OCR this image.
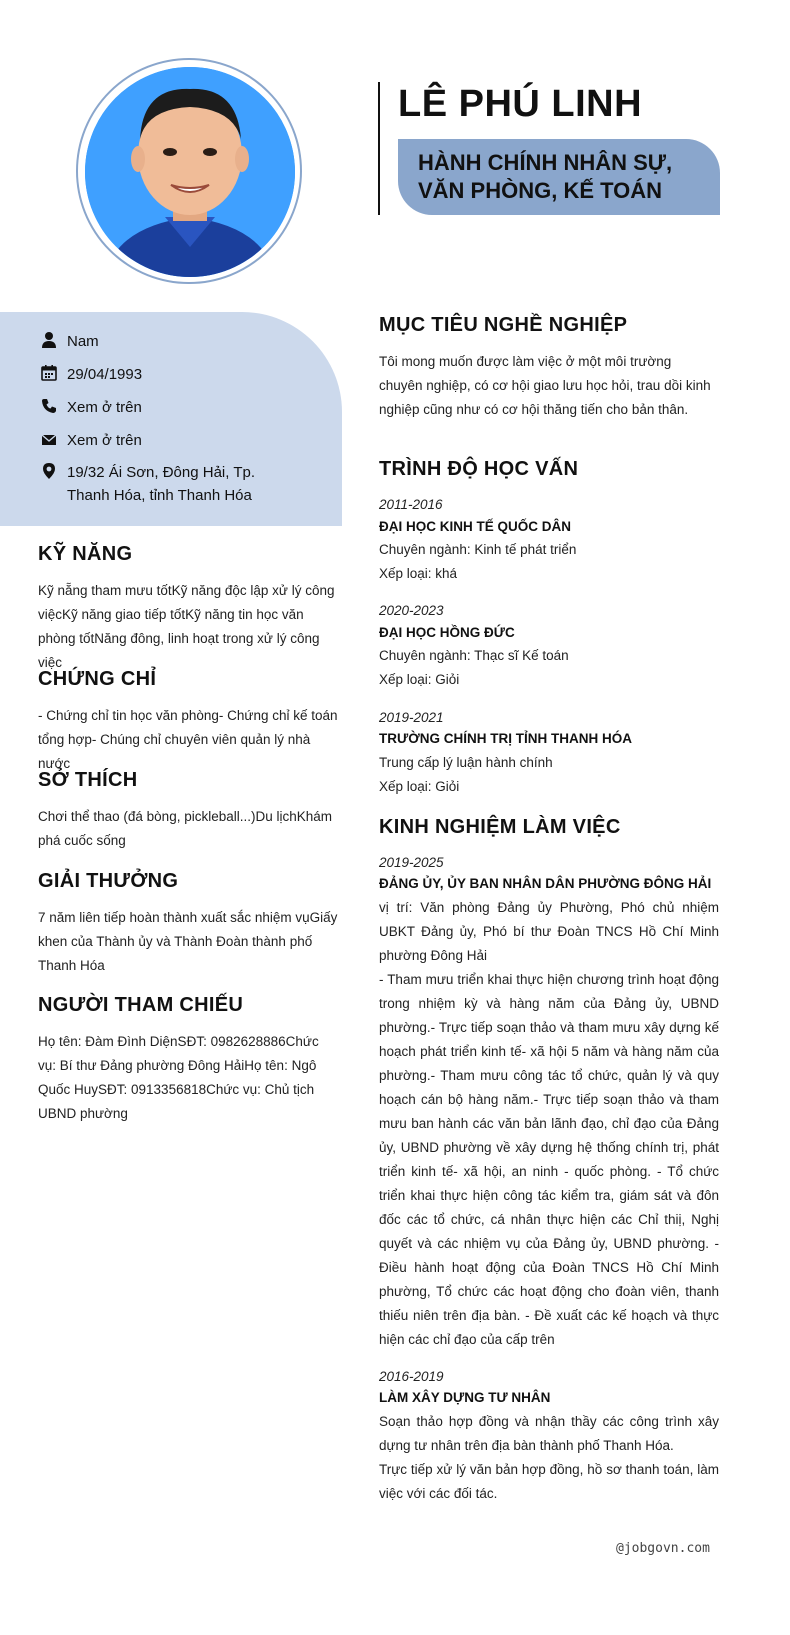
LÊ PHÚ LINH
HÀNH CHÍNH NHÂN SỰ,
VĂN PHÒNG, KẾ TOÁN
Nam
29/04/1993
Xem ở trên
Xem ở trên
19/32 Ái Sơn, Đông Hải, Tp.
Thanh Hóa, tỉnh Thanh Hóa
KỸ NĂNG
Kỹ nẵng tham mưu tốtKỹ năng độc lập xử lý công việcKỹ năng giao tiếp tốtKỹ năng tin học văn phòng tốtNăng đông, linh hoạt trong xử lý công việc
CHỨNG CHỈ
- Chứng chỉ tin học văn phòng- Chứng chỉ kế toán tổng hợp- Chúng chỉ chuyên viên quản lý nhà nước
SỞ THÍCH
Chơi thể thao (đá bòng, pickleball...)Du lịchKhám phá cuốc sống
GIẢI THƯỞNG
7 năm liên tiếp hoàn thành xuất sắc nhiệm vụGiấy khen của Thành ủy và Thành Đoàn thành phố Thanh Hóa
NGƯỜI THAM CHIẾU
Họ tên: Đàm Đình DiệnSĐT: 0982628886Chức vụ: Bí thư Đảng phường Đông HảiHọ tên: Ngô Quốc HuySĐT: 0913356818Chức vụ: Chủ tịch UBND phường
MỤC TIÊU NGHỀ NGHIỆP
Tôi mong muốn được làm việc ở một môi trường chuyên nghiệp, có cơ hội giao lưu học hỏi, trau dồi kinh nghiệp cũng như có cơ hội thăng tiến cho bản thân.
TRÌNH ĐỘ HỌC VẤN
2011-2016
ĐẠI HỌC KINH TẾ QUỐC DÂN
Chuyên ngành: Kinh tế phát triển
Xếp loại: khá
2020-2023
ĐẠI HỌC HỒNG ĐỨC
Chuyên ngành: Thạc sĩ Kế toán
Xếp loại: Giỏi
2019-2021
TRƯỜNG CHÍNH TRỊ TỈNH THANH HÓA
Trung cấp lý luận hành chính
Xếp loại: Giỏi
KINH NGHIỆM LÀM VIỆC
2019-2025
ĐẢNG ỦY, ỦY BAN NHÂN DÂN PHƯỜNG ĐÔNG HẢI
vị trí: Văn phòng Đảng ủy Phường, Phó chủ nhiệm UBKT Đảng ủy, Phó bí thư Đoàn TNCS Hồ Chí Minh phường Đông Hải
- Tham mưu triển khai thực hiện chương trình hoạt động trong nhiệm kỳ và hàng năm của Đảng ủy, UBND phường.- Trực tiếp soạn thảo và tham mưu xây dựng kế hoạch phát triển kinh tế- xã hội 5 năm và hàng năm của phường.- Tham mưu công tác tổ chức, quản lý và quy hoạch cán bộ hàng năm.- Trực tiếp soạn thảo và tham mưu ban hành các văn bản lãnh đạo, chỉ đạo của Đảng ủy, UBND phường về xây dựng hệ thống chính trị, phát triển kinh tế- xã hội, an ninh - quốc phòng. - Tổ chức triển khai thực hiện công tác kiểm tra, giám sát và đôn đốc các tổ chức, cá nhân thực hiện các Chỉ thiị, Nghị quyết và các nhiệm vụ của Đảng ủy, UBND phường. - Điều hành hoạt động của Đoàn TNCS Hồ Chí Minh phường, Tổ chức các hoạt động cho đoàn viên, thanh thiếu niên trên địa bàn. - Đề xuất các kế hoạch và thực hiện các chỉ đạo của cấp trên
2016-2019
LÀM XÂY DỰNG TƯ NHÂN
Soạn thảo hợp đồng và nhận thầy các công trình xây dựng tư nhân trên địa bàn thành phố Thanh Hóa.
Trực tiếp xử lý văn bản hợp đồng, hồ sơ thanh toán, làm việc với các đối tác.
@jobgovn.com
